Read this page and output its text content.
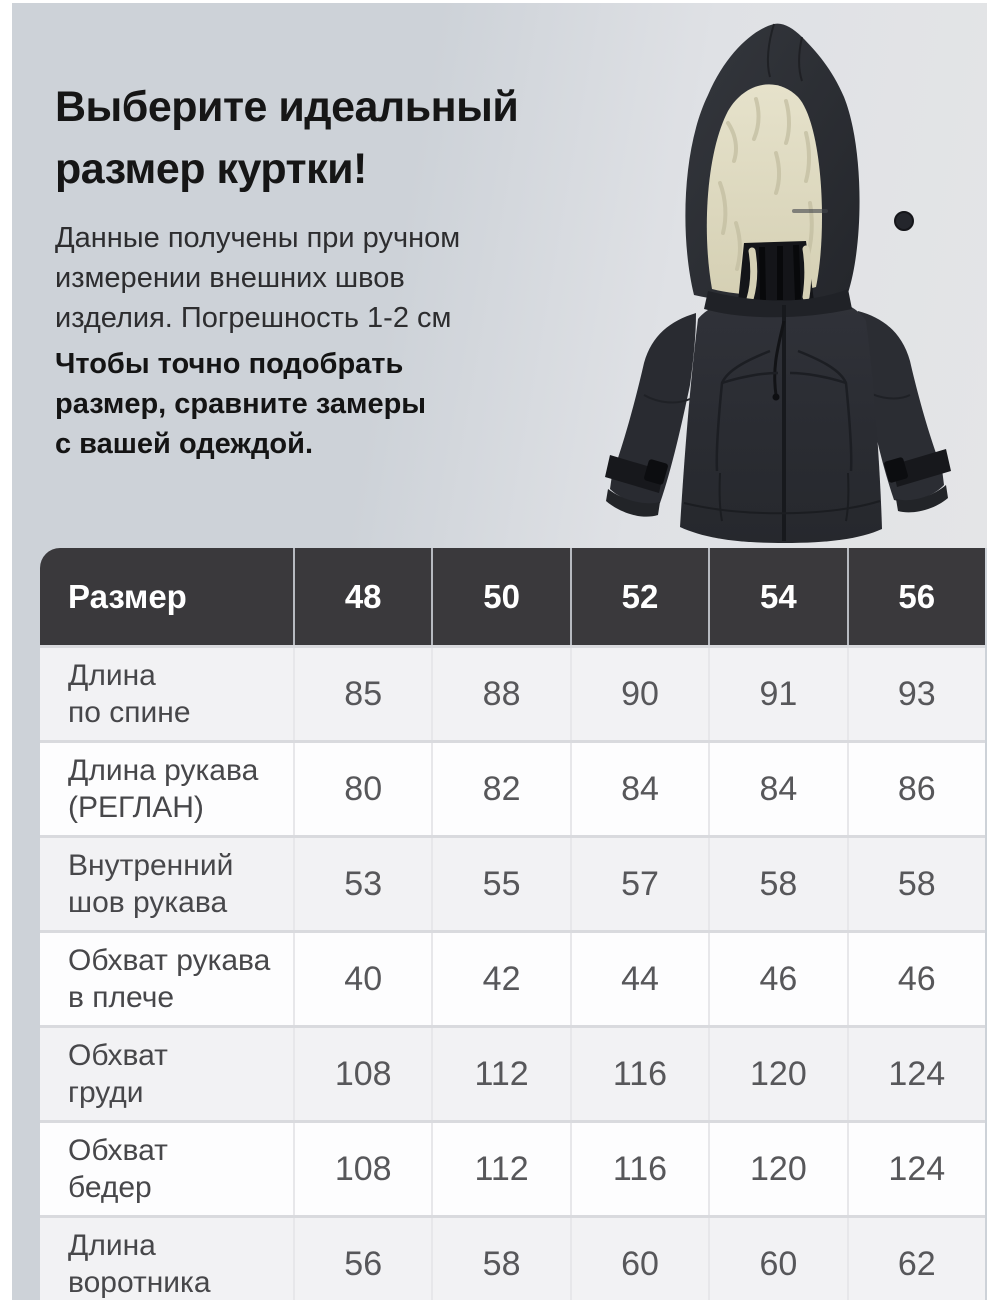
Выберите идеальный
размер куртки!
Данные получены при ручном
измерении внешних швов
изделия. Погрешность 1-2 см
Чтобы точно подобрать
размер, сравните замеры
с вашей одеждой.
Размер	48	50	52	54	56
Длина
по спине	85	88	90	91	93
Длина рукава
(РЕГЛАН)	80	82	84	84	86
Внутренний
шов рукава	53	55	57	58	58
Обхват рукава
в плече	40	42	44	46	46
Обхват
груди	108	112	116	120	124
Обхват
бедер	108	112	116	120	124
Длина
воротника	56	58	60	60	62
